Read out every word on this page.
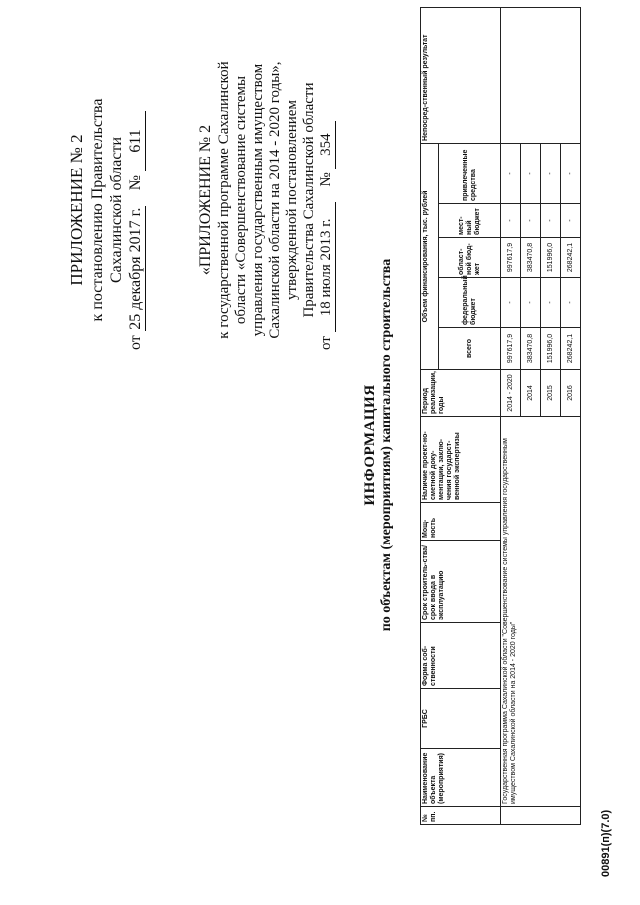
ПРИЛОЖЕНИЕ № 2 к постановлению Правительства Сахалинской области
от 25 декабря 2017 г. № 611	«ПРИЛОЖЕНИЕ № 2 к государственной программе Сахалинской области «Совершенствование системы управления государственным имуществом Сахалинской области на 2014 - 2020 годы», утвержденной постановлением Правительства Сахалинской области
от 18 июля 2013 г. № 354
ИНФОРМАЦИЯ по объектам (мероприятиям) капитального строительства
№ пп.	Наименование объекта (мероприятия)	ГРБС	Форма соб-ственности	Срок строитель-ства/срок ввода в эксплуатацию	Мощ-ность	Наличие проект-но-сметной доку-ментации, заклю-чения государст-венной экспертизы	Период реализации, годы	Объем финансирования, тыс. рублей					Непосред-ственный результат
								всего	федеральный бюджет	област-ной бюд-жет	мест-ный бюджет	привлеченные средства	
	Государственная программа Сахалинской области "Совершенствование системы управления государственным имуществом Сахалинской области на 2014 - 2020 годы"						2014 - 2020	997617,9	-	997617,9	-	-	
							2014	383470,8	-	383470,8	-	-	
							2015	151996,0	-	151996,0	-	-	
							2016	268242,1	-	268242,1	-	-	
00891(п)(7.0)
